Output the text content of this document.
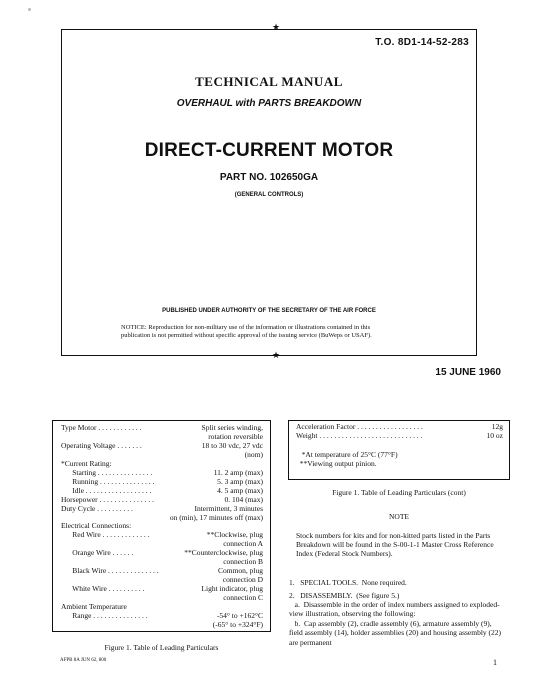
★
★
T.O. 8D1-14-52-283
TECHNICAL MANUAL
OVERHAUL with PARTS BREAKDOWN
DIRECT-CURRENT MOTOR
PART NO. 102650GA
(GENERAL CONTROLS)
PUBLISHED UNDER AUTHORITY OF THE SECRETARY OF THE AIR FORCE
NOTICE: Reproduction for non-military use of the information or illustrations contained in this
publication is not permitted without specific approval of the issuing service (BuWeps or USAF).
15 JUNE 1960
Type Motor . . . . . . . . . . . .	Split series winding,
rotation reversible
Operating Voltage . . . . . . .	18 to 30 vdc, 27 vdc
(nom)
*Current Rating:
Starting . . . . . . . . . . . . . . .	11. 2 amp (max)
Running . . . . . . . . . . . . . . .	5. 3 amp (max)
Idle . . . . . . . . . . . . . . . . . .	4. 5 amp (max)
Horsepower . . . . . . . . . . . . . . .	0. 104 (max)
Duty Cycle . . . . . . . . . .	Intermittent, 3 minutes
on (min), 17 minutes off (max)
Electrical Connections:
Red Wire . . . . . . . . . . . . .	**Clockwise, plug
connection A
Orange Wire . . . . . .	**Counterclockwise, plug
connection B
Black Wire . . . . . . . . . . . . . .	Common, plug
connection D
White Wire . . . . . . . . . .	Light indicator, plug
connection C
Ambient Temperature
Range . . . . . . . . . . . . . . .	-54° to +162°C
(-65° to +324°F)
Figure 1. Table of Leading Particulars
AFPB 8A JUN 62, 800
Acceleration Factor . . . . . . . . . . . . . . . . . .	12g
Weight . . . . . . . . . . . . . . . . . . . . . . . . . . . .	10 oz
*At temperature of 25°C (77°F)
**Viewing output pinion.
Figure 1. Table of Leading Particulars (cont)
NOTE
Stock numbers for kits and for non-kitted parts listed in the Parts Breakdown will be found in the S-00-1-1 Master Cross Reference Index (Federal Stock Numbers).
1.   SPECIAL TOOLS.  None required.
2.   DISASSEMBLY.  (See figure 5.)
a.  Disassemble in the order of index numbers assigned to exploded-view illustration, observing the following:
b.  Cap assembly (2), cradle assembly (6), armature assembly (9), field assembly (14), holder assemblies (20) and housing assembly (22) are permanent
1
